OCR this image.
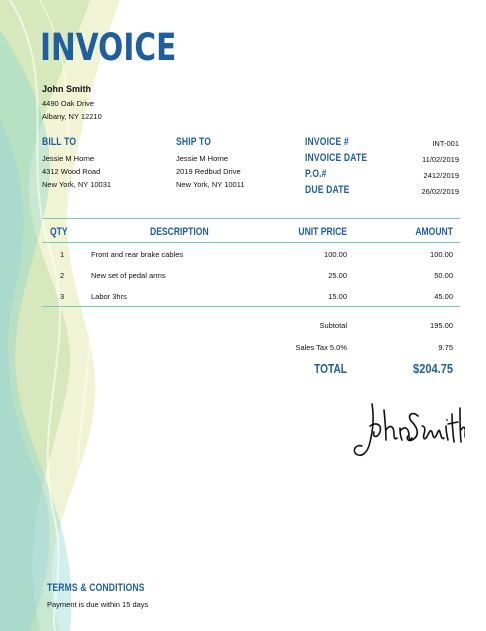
INVOICE
John Smith
4490 Oak Drive
Albany, NY 12210
BILL TO
Jessie M Horne
4312 Wood Road
New York, NY 10031
SHIP TO
Jessie M Horne
2019 Redbud Drive
New York, NY 10011
INVOICE #	INT-001
INVOICE DATE	11/02/2019
P.O.#	2412/2019
DUE DATE	26/02/2019
QTY	DESCRIPTION	UNIT PRICE	AMOUNT
1	Front and rear brake cables	100.00	100.00
2	New set of pedal arms	25.00	50.00
3	Labor 3hrs	15.00	45.00
Subtotal	195.00
Sales Tax 5.0%	9.75
TOTAL	$204.75
TERMS & CONDITIONS
Payment is due within 15 days
